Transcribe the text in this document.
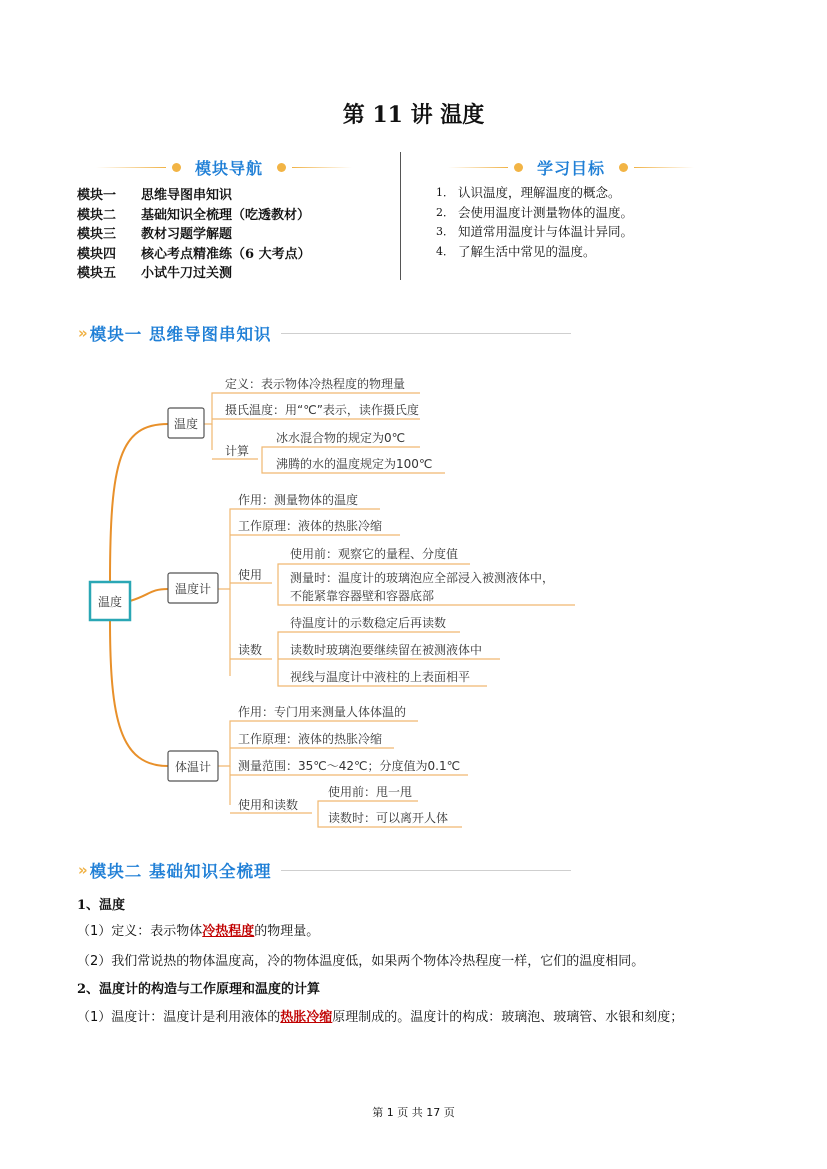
第 11 讲 温度
模块导航
模块一	思维导图串知识
模块二	基础知识全梳理（吃透教材）
模块三	教材习题学解题
模块四	核心考点精准练（6 大考点）
模块五	小试牛刀过关测
学习目标
1． 认识温度，理解温度的概念。
2． 会使用温度计测量物体的温度。
3． 知道常用温度计与体温计异同。
4． 了解生活中常见的温度。
» 模块一 思维导图串知识
温度
温度
温度计
体温计
定义：表示物体冷热程度的物理量
摄氏温度：用“℃”表示，读作摄氏度
计算
冰水混合物的规定为0℃
沸腾的水的温度规定为100℃
作用：测量物体的温度
工作原理：液体的热胀冷缩
使用
使用前：观察它的量程、分度值
测量时：温度计的玻璃泡应全部浸入被测液体中，
不能紧靠容器壁和容器底部
读数
待温度计的示数稳定后再读数
读数时玻璃泡要继续留在被测液体中
视线与温度计中液柱的上表面相平
作用：专门用来测量人体体温的
工作原理：液体的热胀冷缩
测量范围：35℃～42℃；分度值为0.1℃
使用和读数
使用前：甩一甩
读数时：可以离开人体
» 模块二 基础知识全梳理
1、温度
（1）定义：表示物体冷热程度的物理量。
（2）我们常说热的物体温度高，冷的物体温度低，如果两个物体冷热程度一样，它们的温度相同。
2、温度计的构造与工作原理和温度的计算
（1）温度计：温度计是利用液体的热胀冷缩原理制成的。温度计的构成：玻璃泡、玻璃管、水银和刻度；
第 1 页 共 17 页
